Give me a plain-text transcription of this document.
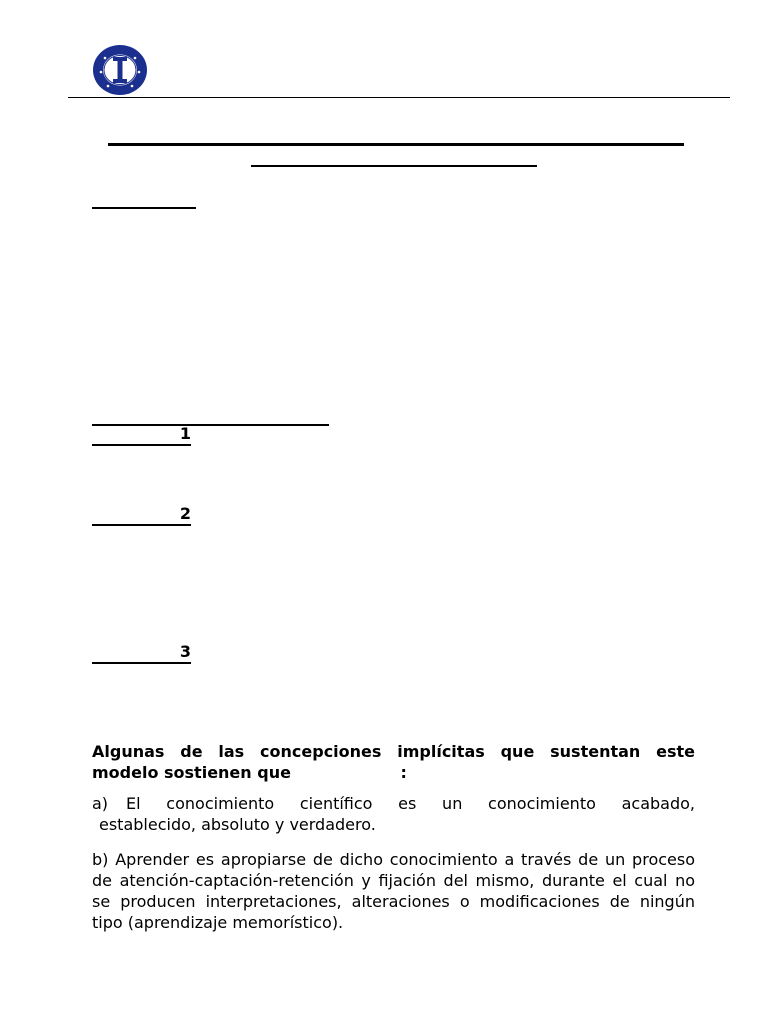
1
2
3

Algunas de las concepciones implícitas que sustentan este modelo sostienen que	:

a) El conocimiento científico es un conocimiento acabado,
establecido, absoluto y verdadero.

b) Aprender es apropiarse de dicho conocimiento a través de un proceso de atención-captación-retención y fijación del mismo, durante el cual no se producen interpretaciones, alteraciones o modificaciones de ningún tipo (aprendizaje memorístico).
